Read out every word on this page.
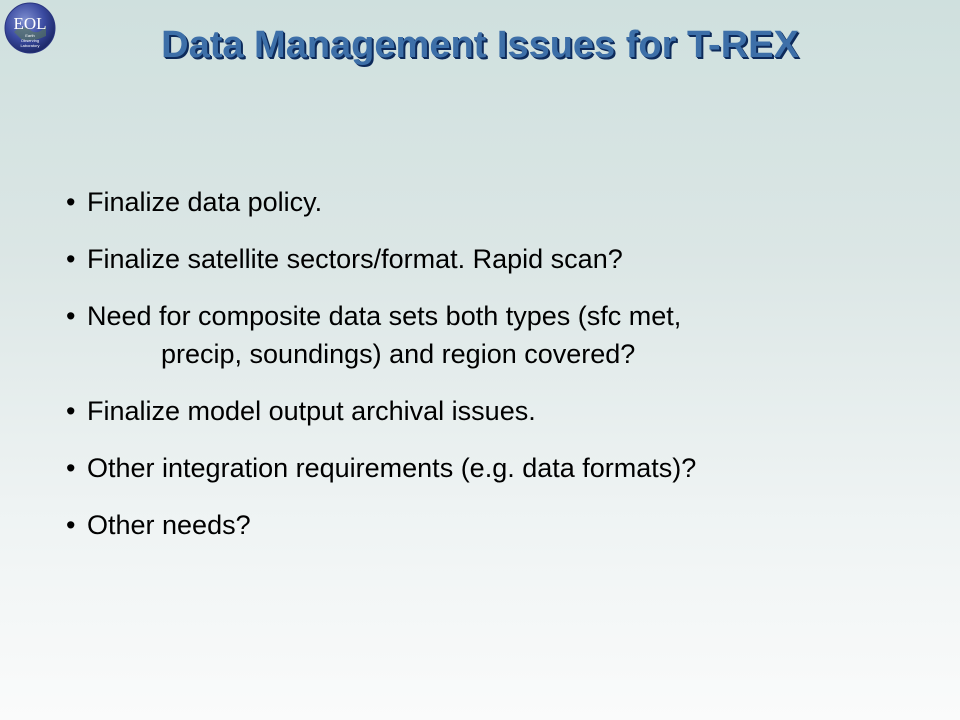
EOL
Earth
Observing
Laboratory	Data Management Issues for T-REX
• Finalize data policy.
• Finalize satellite sectors/format. Rapid scan?
• Need for composite data sets both types (sfc met,
precip, soundings) and region covered?
• Finalize model output archival issues.
• Other integration requirements (e.g. data formats)?
• Other needs?
